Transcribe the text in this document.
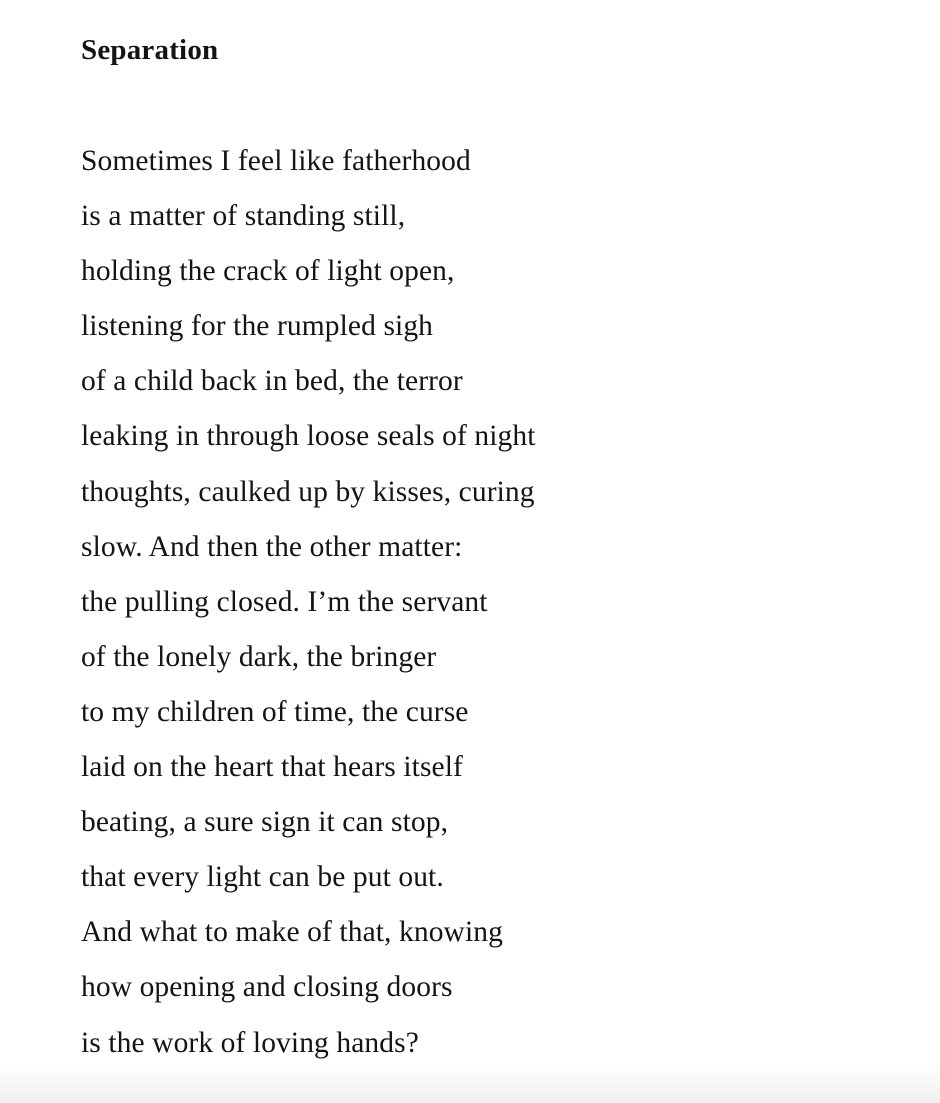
Separation
Sometimes I feel like fatherhood
is a matter of standing still,
holding the crack of light open,
listening for the rumpled sigh
of a child back in bed, the terror
leaking in through loose seals of night
thoughts, caulked up by kisses, curing
slow. And then the other matter:
the pulling closed. I’m the servant
of the lonely dark, the bringer
to my children of time, the curse
laid on the heart that hears itself
beating, a sure sign it can stop,
that every light can be put out.
And what to make of that, knowing
how opening and closing doors
is the work of loving hands?
